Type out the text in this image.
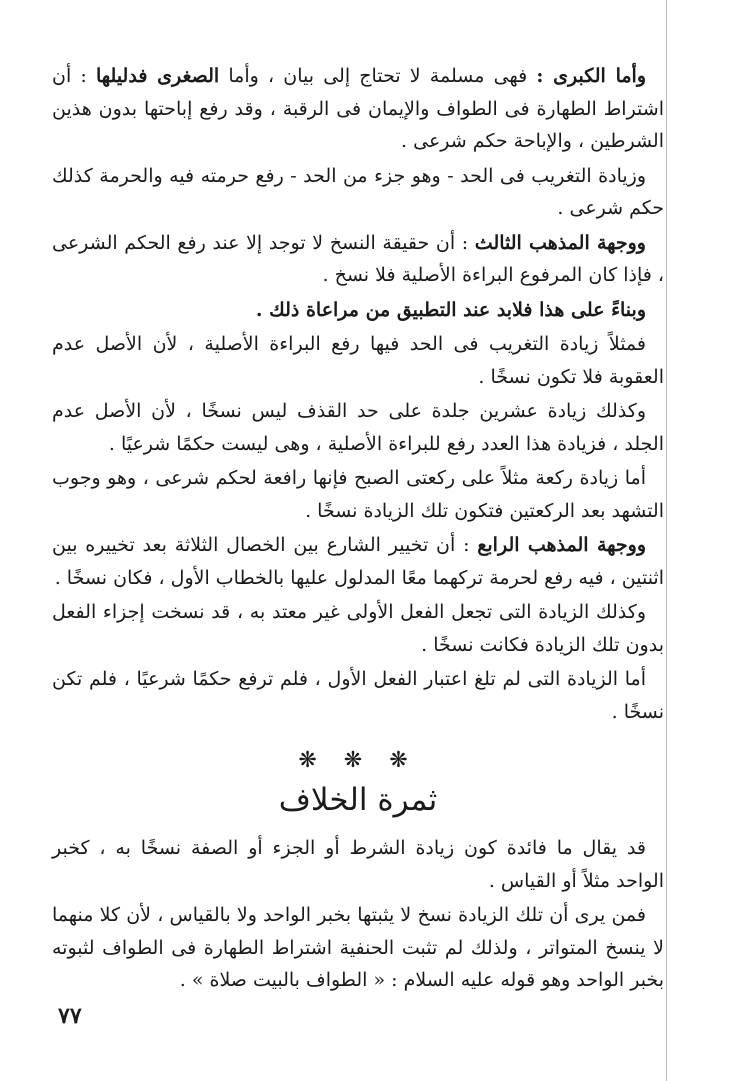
وأما الكبرى : فهى مسلمة لا تحتاج إلى بيان ، وأما الصغرى فدليلها : أن اشتراط الطهارة فى الطواف والإيمان فى الرقبة ، وقد رفع إباحتها بدون هذين الشرطين ، والإباحة حكم شرعى .

وزيادة التغريب فى الحد - وهو جزء من الحد - رفع حرمته فيه والحرمة كذلك حكم شرعى .

ووجهة المذهب الثالث : أن حقيقة النسخ لا توجد إلا عند رفع الحكم الشرعى ، فإذا كان المرفوع البراءة الأصلية فلا نسخ .

وبناءً على هذا فلابد عند التطبيق من مراعاة ذلك .

فمثلاً زيادة التغريب فى الحد فيها رفع البراءة الأصلية ، لأن الأصل عدم العقوبة فلا تكون نسخًا .

وكذلك زيادة عشرين جلدة على حد القذف ليس نسخًا ، لأن الأصل عدم الجلد ، فزيادة هذا العدد رفع للبراءة الأصلية ، وهى ليست حكمًا شرعيًا .

أما زيادة ركعة مثلاً على ركعتى الصبح فإنها رافعة لحكم شرعى ، وهو وجوب التشهد بعد الركعتين فتكون تلك الزيادة نسخًا .

ووجهة المذهب الرابع : أن تخيير الشارع بين الخصال الثلاثة بعد تخييره بين اثنتين ، فيه رفع لحرمة تركهما معًا المدلول عليها بالخطاب الأول ، فكان نسخًا .

وكذلك الزيادة التى تجعل الفعل الأولى غير معتد به ، قد نسخت إجزاء الفعل بدون تلك الزيادة فكانت نسخًا .

أما الزيادة التى لم تلغ اعتبار الفعل الأول ، فلم ترفع حكمًا شرعيًا ، فلم تكن نسخًا .

❋ ❋ ❋
ثمرة الخلاف

قد يقال ما فائدة كون زيادة الشرط أو الجزء أو الصفة نسخًا به ، كخبر الواحد مثلاً أو القياس .

فمن يرى أن تلك الزيادة نسخ لا يثبتها بخبر الواحد ولا بالقياس ، لأن كلا منهما لا ينسخ المتواتر ، ولذلك لم تثبت الحنفية اشتراط الطهارة فى الطواف لثبوته بخبر الواحد وهو قوله عليه السلام : « الطواف بالبيت صلاة » .

٧٧
